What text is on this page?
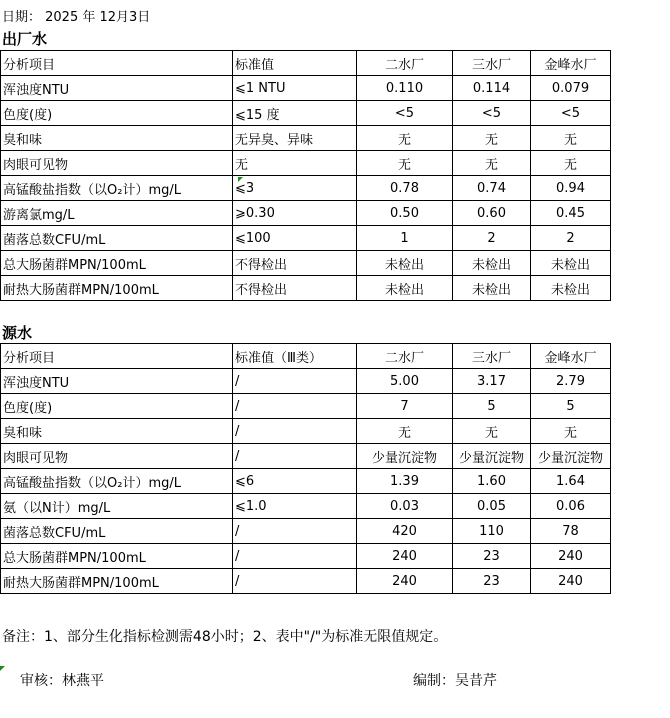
日期： 2025 年 12月3日
出厂水
分析项目	标准值	二水厂	三水厂	金峰水厂
浑浊度NTU	⩽1 NTU	0.110	0.114	0.079
色度(度)	⩽15 度	<5	<5	<5
臭和味	无异臭、异味	无	无	无
肉眼可见物	无	无	无	无
高锰酸盐指数（以O₂计）mg/L	⩽3	0.78	0.74	0.94
游离氯mg/L	⩾0.30	0.50	0.60	0.45
菌落总数CFU/mL	⩽100	1	2	2
总大肠菌群MPN/100mL	不得检出	未检出	未检出	未检出
耐热大肠菌群MPN/100mL	不得检出	未检出	未检出	未检出
源水
分析项目	标准值（Ⅲ类）	二水厂	三水厂	金峰水厂
浑浊度NTU	/	5.00	3.17	2.79
色度(度)	/	7	5	5
臭和味	/	无	无	无
肉眼可见物	/	少量沉淀物	少量沉淀物	少量沉淀物
高锰酸盐指数（以O₂计）mg/L	⩽6	1.39	1.60	1.64
氨（以N计）mg/L	⩽1.0	0.03	0.05	0.06
菌落总数CFU/mL	/	420	110	78
总大肠菌群MPN/100mL	/	240	23	240
耐热大肠菌群MPN/100mL	/	240	23	240
备注：1、部分生化指标检测需48小时；2、表中"/"为标准无限值规定。
审核：林燕平	编制：吴昔芹
